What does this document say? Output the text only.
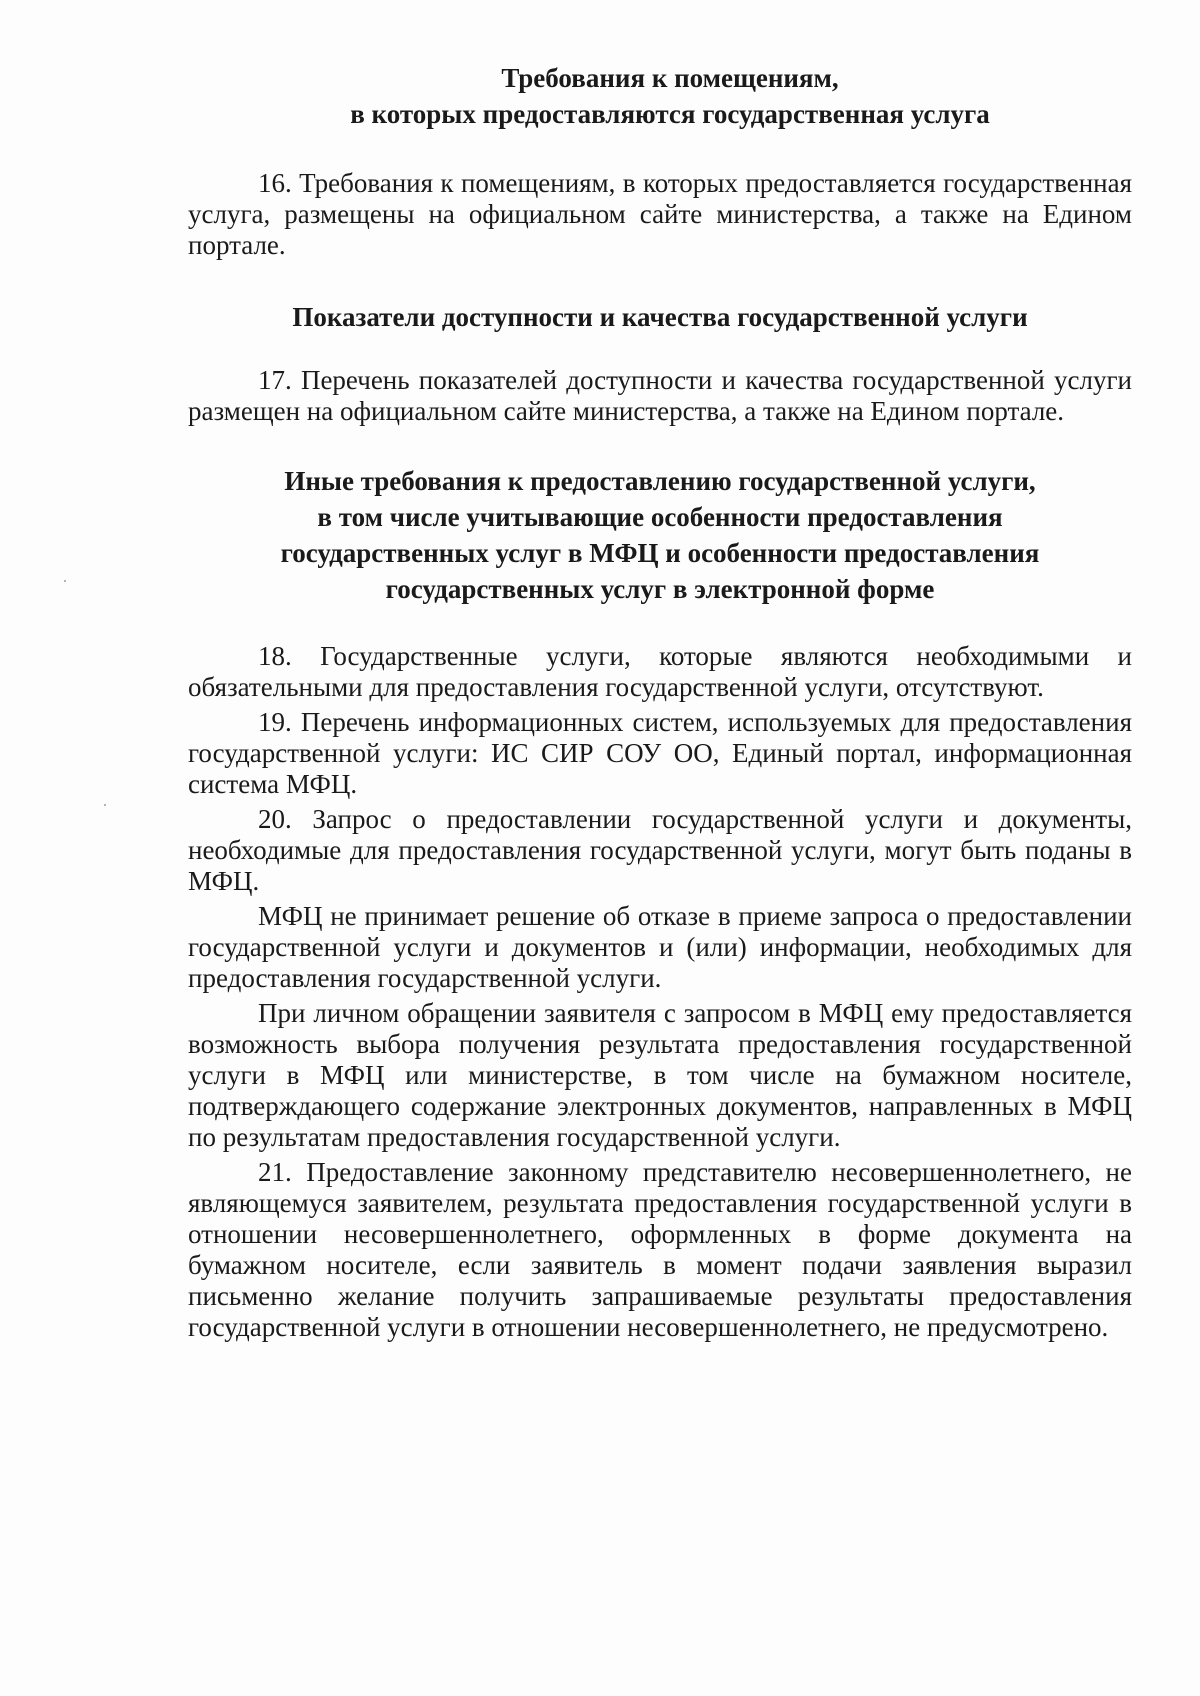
Требования к помещениям,
в которых предоставляются государственная услуга

16. Требования к помещениям, в которых предоставляется государственная услуга, размещены на официальном сайте министерства, а также на Едином портале.

Показатели доступности и качества государственной услуги

17. Перечень показателей доступности и качества государственной услуги размещен на официальном сайте министерства, а также на Едином портале.

Иные требования к предоставлению государственной услуги,
в том числе учитывающие особенности предоставления
государственных услуг в МФЦ и особенности предоставления
государственных услуг в электронной форме

18. Государственные услуги, которые являются необходимыми и обязательными для предоставления государственной услуги, отсутствуют.

19. Перечень информационных систем, используемых для предоставления государственной услуги: ИС СИР СОУ ОО, Единый портал, информационная система МФЦ.

20. Запрос о предоставлении государственной услуги и документы, необходимые для предоставления государственной услуги, могут быть поданы в МФЦ.

МФЦ не принимает решение об отказе в приеме запроса о предоставлении государственной услуги и документов и (или) информации, необходимых для предоставления государственной услуги.

При личном обращении заявителя с запросом в МФЦ ему предоставляется возможность выбора получения результата предоставления государственной услуги в МФЦ или министерстве, в том числе на бумажном носителе, подтверждающего содержание электронных документов, направленных в МФЦ по результатам предоставления государственной услуги.

21. Предоставление законному представителю несовершеннолетнего, не являющемуся заявителем, результата предоставления государственной услуги в отношении несовершеннолетнего, оформленных в форме документа на бумажном носителе, если заявитель в момент подачи заявления выразил письменно желание получить запрашиваемые результаты предоставления государственной услуги в отношении несовершеннолетнего, не предусмотрено.
